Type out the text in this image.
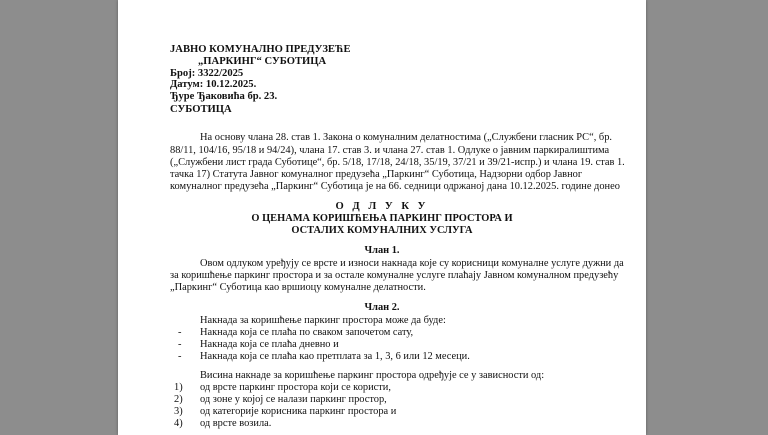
ЈАВНО КОМУНАЛНО ПРЕДУЗЕЋЕ
„ПАРКИНГ“ СУБОТИЦА
Број: 3322/2025
Датум: 10.12.2025.
Ђуре Ђаковића бр. 23.
СУБОТИЦА
На основу члана 28. став 1. Закона о комуналним делатностима („Службени гласник РС“, бр.
88/11, 104/16, 95/18 и 94/24), члана 17. став 3. и члана 27. став 1. Одлуке о јавним паркиралиштима
(„Службени лист града Суботице“, бр. 5/18, 17/18, 24/18, 35/19, 37/21 и 39/21-испр.) и члана 19. став 1.
тачка 17) Статута Јавног комуналног предузећа „Паркинг“ Суботица, Надзорни одбор Јавног
комуналног предузећа „Паркинг“ Суботица је на 66. седници одржаној дана 10.12.2025. године донео
О Д Л У К У
О ЦЕНАМА КОРИШЋЕЊА ПАРКИНГ ПРОСТОРА И
ОСТАЛИХ КОМУНАЛНИХ УСЛУГА
Члан 1.
Овом одлуком уређују се врсте и износи накнада које су корисници комуналне услуге дужни да
за коришћење паркинг простора и за остале комуналне услуге плаћају Јавном комуналном предузећу
„Паркинг“ Суботица као вршиоцу комуналне делатности.
Члан 2.
Накнада за коришћење паркинг простора може да буде:
- Накнада која се плаћа по сваком започетом сату,
- Накнада која се плаћа дневно и
- Накнада која се плаћа као претплата за 1, 3, 6 или 12 месеци.
Висина накнаде за коришћење паркинг простора одређује се у зависности од:
1) од врсте паркинг простора који се користи,
2) од зоне у којој се налази паркинг простор,
3) од категорије корисника паркинг простора и
4) од врсте возила.
